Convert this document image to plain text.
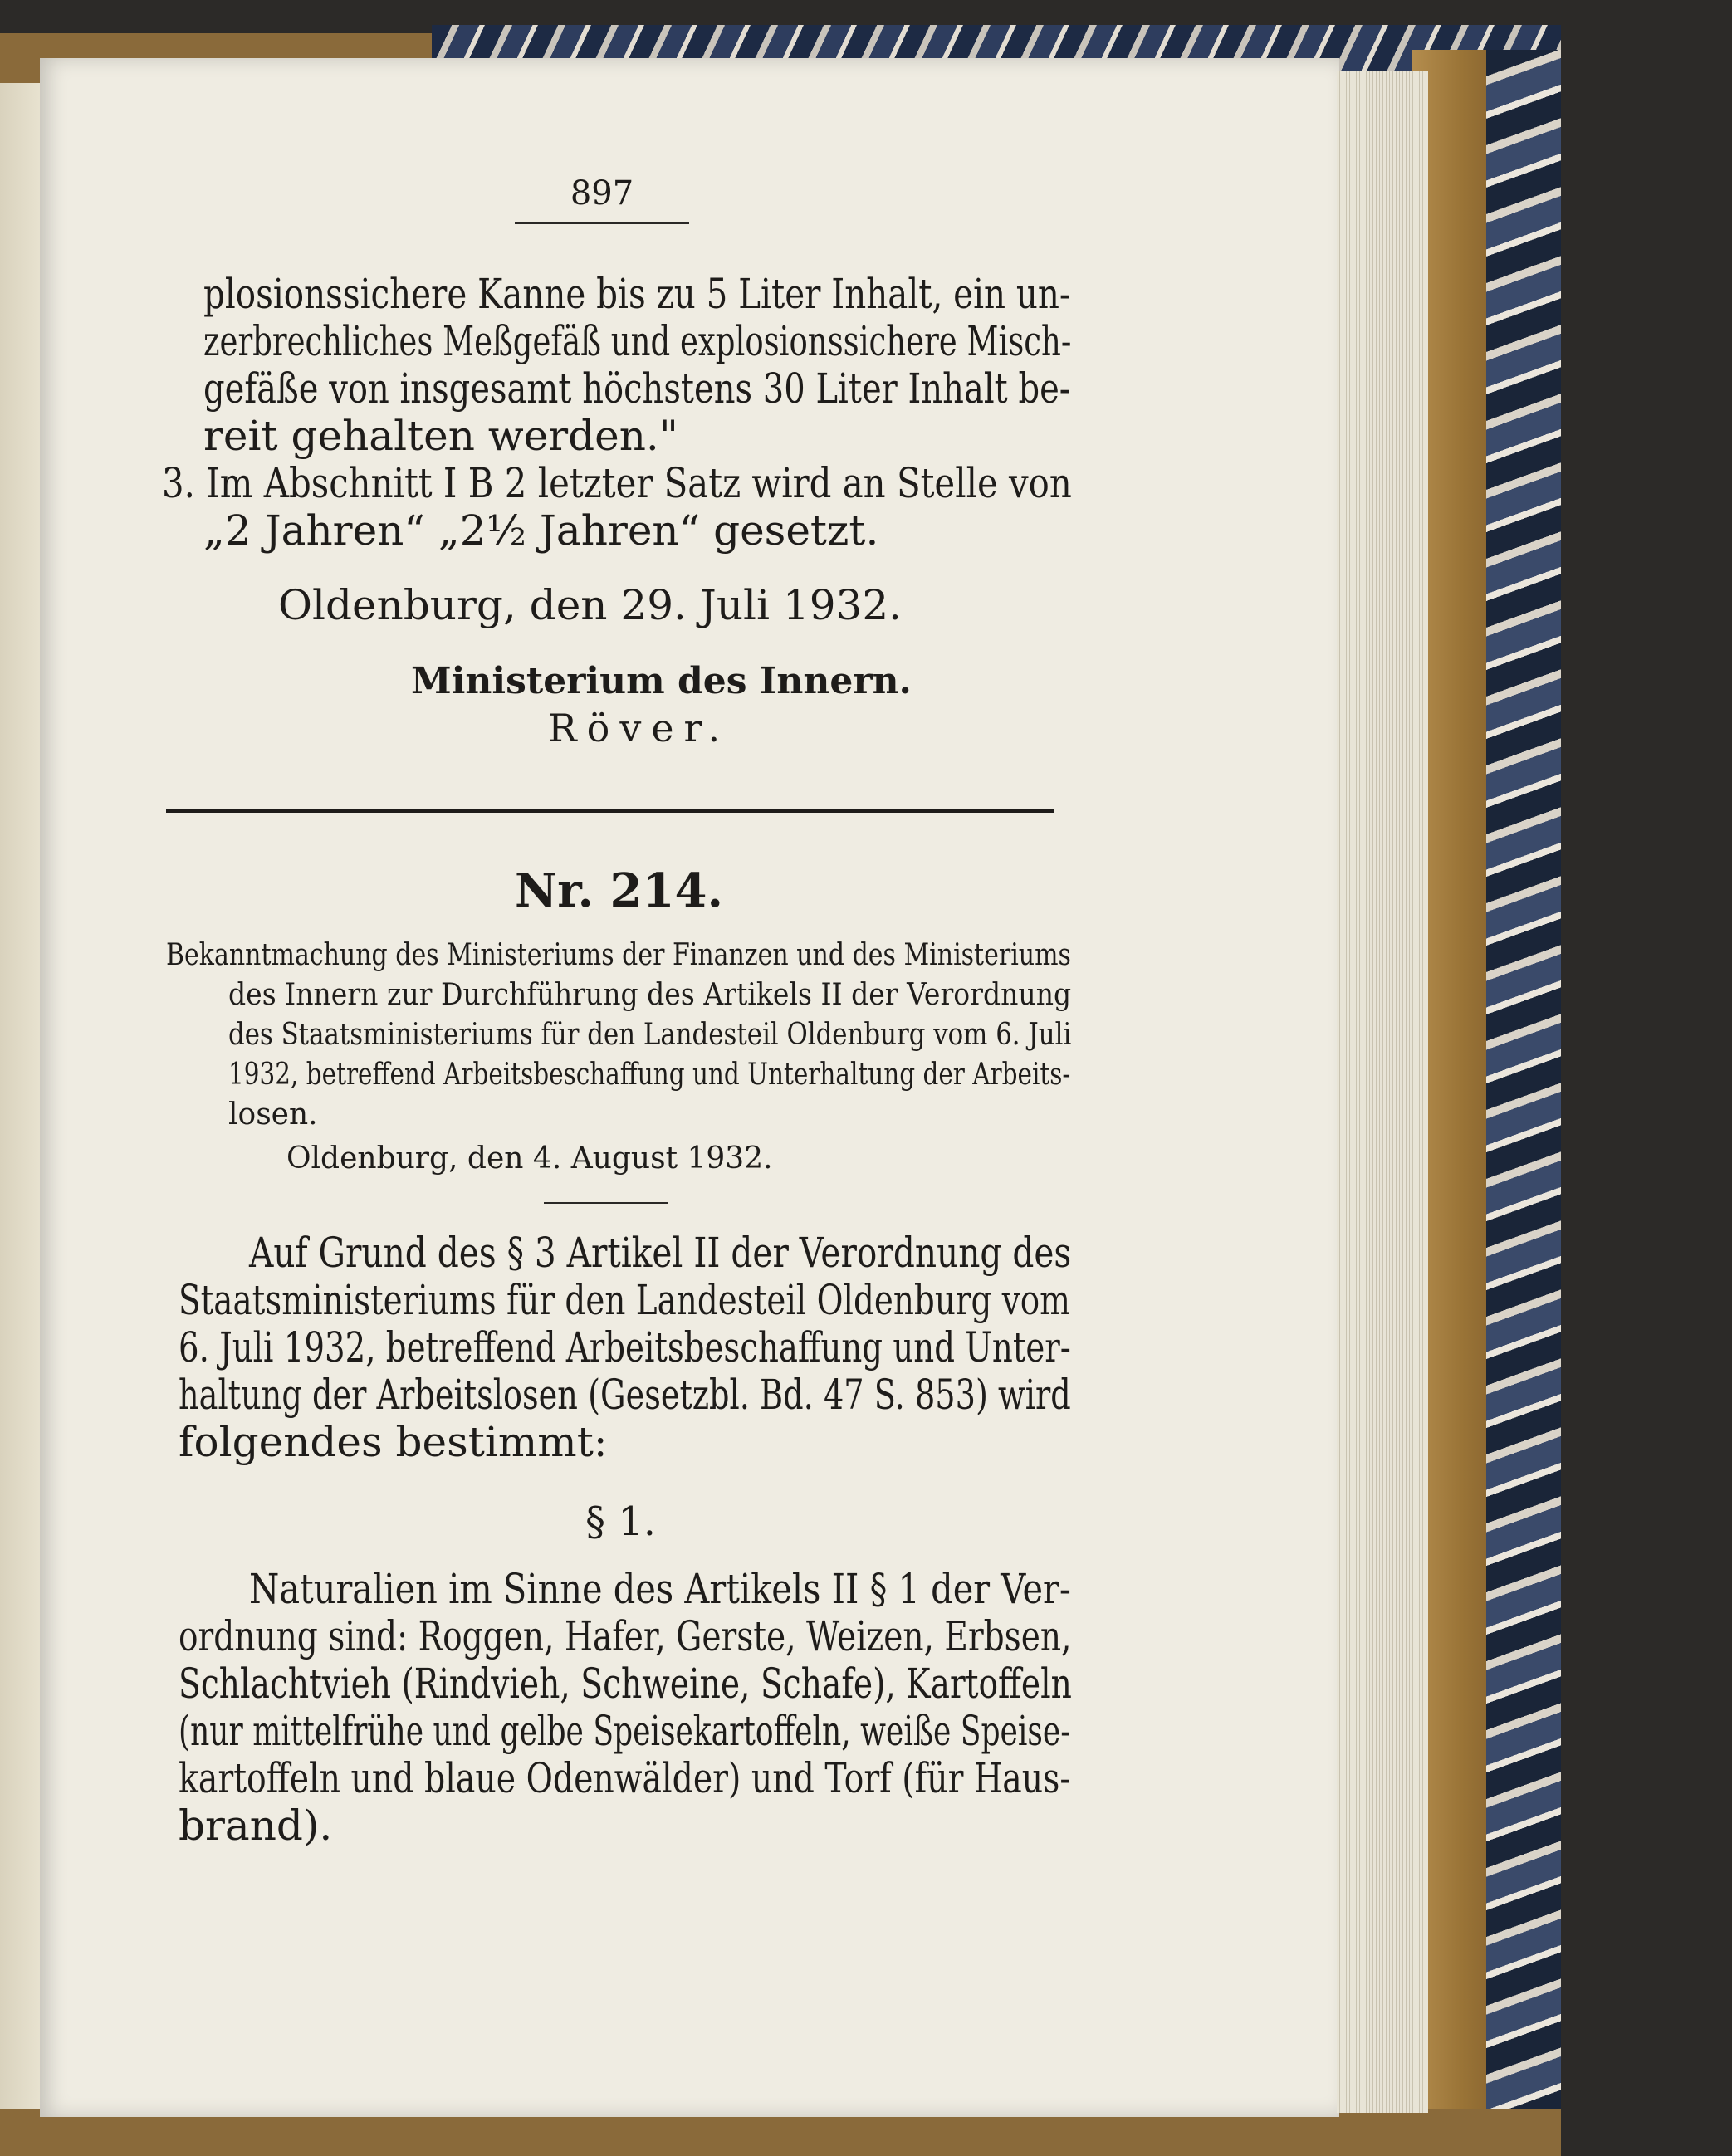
897
plosionssichere Kanne bis zu 5 Liter Inhalt, ein un-
zerbrechliches Meßgefäß und explosionssichere Misch-
gefäße von insgesamt höchstens 30 Liter Inhalt be-
reit gehalten werden."
3. Im Abschnitt I B 2 letzter Satz wird an Stelle von
„2 Jahren“ „2½ Jahren“ gesetzt.
Oldenburg, den 29. Juli 1932.
Ministerium des Innern.
Röver.
Nr. 214.
Bekanntmachung des Ministeriums der Finanzen und des Ministeriums
des Innern zur Durchführung des Artikels II der Verordnung
des Staatsministeriums für den Landesteil Oldenburg vom 6. Juli
1932, betreffend Arbeitsbeschaffung und Unterhaltung der Arbeits-
losen.
Oldenburg, den 4. August 1932.
Auf Grund des § 3 Artikel II der Verordnung des
Staatsministeriums für den Landesteil Oldenburg vom
6. Juli 1932, betreffend Arbeitsbeschaffung und Unter-
haltung der Arbeitslosen (Gesetzbl. Bd. 47 S. 853) wird
folgendes bestimmt:
§ 1.
Naturalien im Sinne des Artikels II § 1 der Ver-
ordnung sind: Roggen, Hafer, Gerste, Weizen, Erbsen,
Schlachtvieh (Rindvieh, Schweine, Schafe), Kartoffeln
(nur mittelfrühe und gelbe Speisekartoffeln, weiße Speise-
kartoffeln und blaue Odenwälder) und Torf (für Haus-
brand).
